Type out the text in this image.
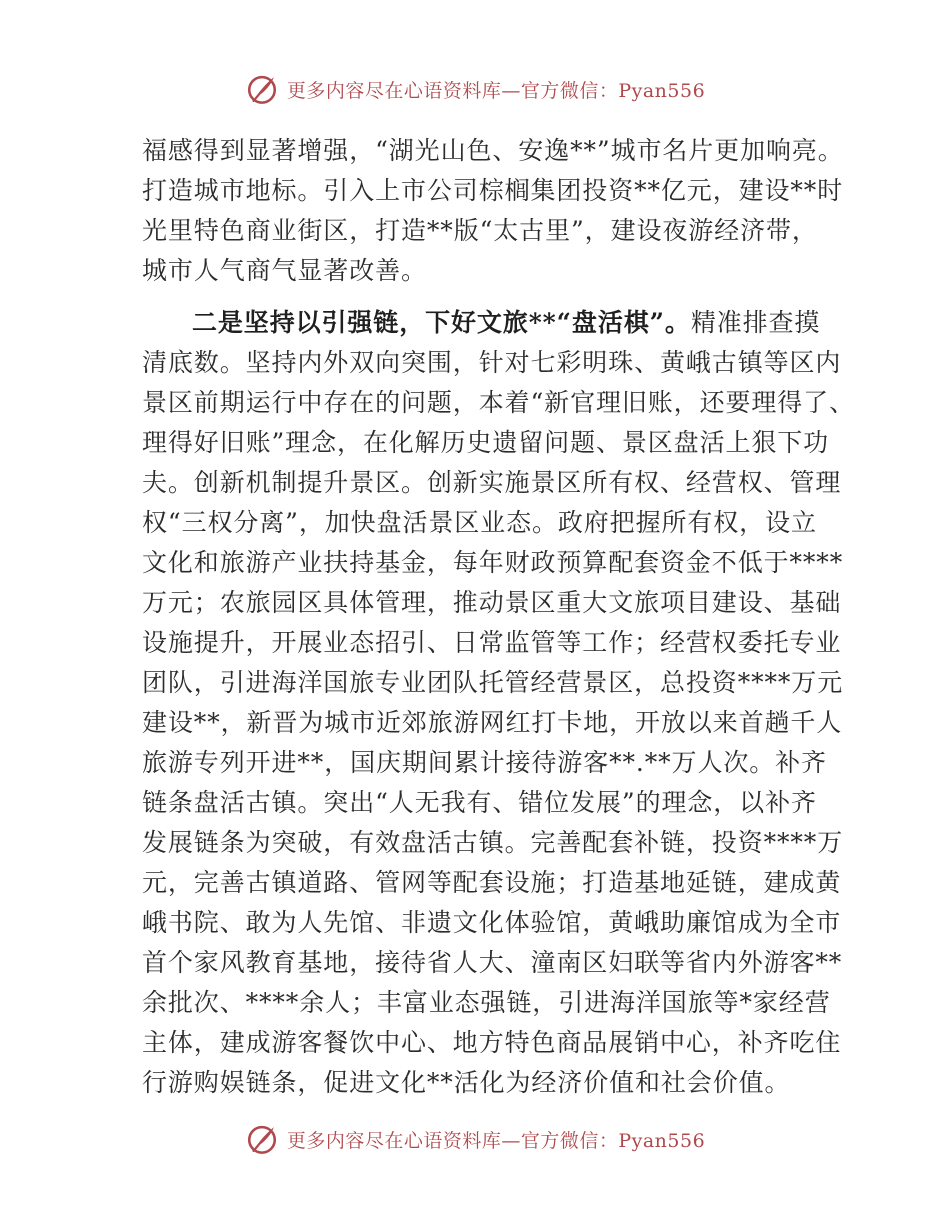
更多内容尽在心语资料库—官方微信：Pyan556
福感得到显著增强，“湖光山色、安逸**”城市名片更加响亮。
打造城市地标。引入上市公司棕榈集团投资**亿元，建设**时
光里特色商业街区，打造**版“太古里”，建设夜游经济带，
城市人气商气显著改善。
二是坚持以引强链，下好文旅**“盘活棋”。精准排查摸
清底数。坚持内外双向突围，针对七彩明珠、黄峨古镇等区内
景区前期运行中存在的问题，本着“新官理旧账，还要理得了、
理得好旧账”理念，在化解历史遗留问题、景区盘活上狠下功
夫。创新机制提升景区。创新实施景区所有权、经营权、管理
权“三权分离”，加快盘活景区业态。政府把握所有权，设立
文化和旅游产业扶持基金，每年财政预算配套资金不低于****
万元；农旅园区具体管理，推动景区重大文旅项目建设、基础
设施提升，开展业态招引、日常监管等工作；经营权委托专业
团队，引进海洋国旅专业团队托管经营景区，总投资****万元
建设**，新晋为城市近郊旅游网红打卡地，开放以来首趟千人
旅游专列开进**，国庆期间累计接待游客**.**万人次。补齐
链条盘活古镇。突出“人无我有、错位发展”的理念，以补齐
发展链条为突破，有效盘活古镇。完善配套补链，投资****万
元，完善古镇道路、管网等配套设施；打造基地延链，建成黄
峨书院、敢为人先馆、非遗文化体验馆，黄峨助廉馆成为全市
首个家风教育基地，接待省人大、潼南区妇联等省内外游客**
余批次、****余人；丰富业态强链，引进海洋国旅等*家经营
主体，建成游客餐饮中心、地方特色商品展销中心，补齐吃住
行游购娱链条，促进文化**活化为经济价值和社会价值。
更多内容尽在心语资料库—官方微信：Pyan556
